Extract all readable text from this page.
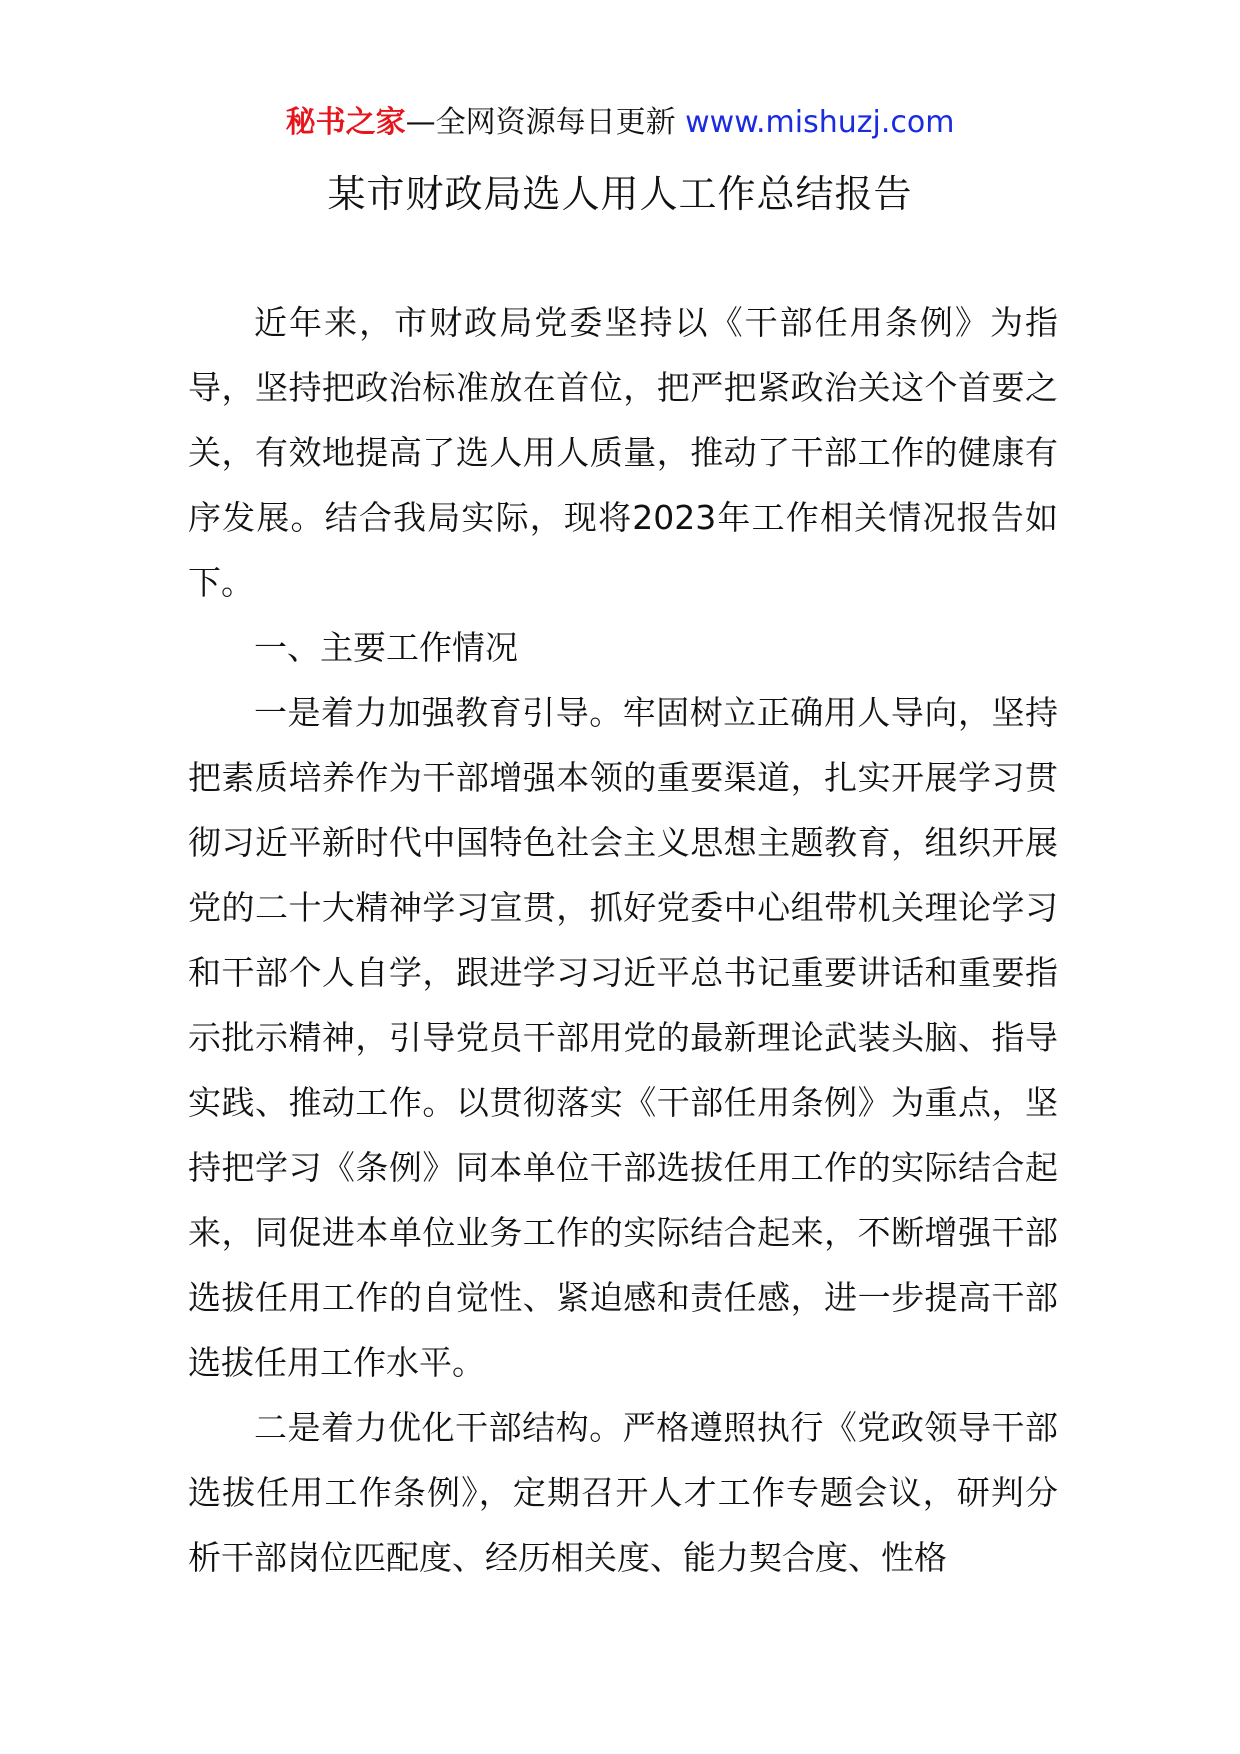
秘书之家—全网资源每日更新 www.mishuzj.com
某市财政局选人用人工作总结报告

近年来，市财政局党委坚持以《干部任用条例》为指导，坚持把政治标准放在首位，把严把紧政治关这个首要之关，有效地提高了选人用人质量，推动了干部工作的健康有序发展。结合我局实际，现将2023年工作相关情况报告如下。

一、主要工作情况

一是着力加强教育引导。牢固树立正确用人导向，坚持把素质培养作为干部增强本领的重要渠道，扎实开展学习贯彻习近平新时代中国特色社会主义思想主题教育，组织开展党的二十大精神学习宣贯，抓好党委中心组带机关理论学习和干部个人自学，跟进学习习近平总书记重要讲话和重要指示批示精神，引导党员干部用党的最新理论武装头脑、指导实践、推动工作。以贯彻落实《干部任用条例》为重点，坚持把学习《条例》同本单位干部选拔任用工作的实际结合起来，同促进本单位业务工作的实际结合起来，不断增强干部选拔任用工作的自觉性、紧迫感和责任感，进一步提高干部选拔任用工作水平。

二是着力优化干部结构。严格遵照执行《党政领导干部选拔任用工作条例》，定期召开人才工作专题会议，研判分析干部岗位匹配度、经历相关度、能力契合度、性格
